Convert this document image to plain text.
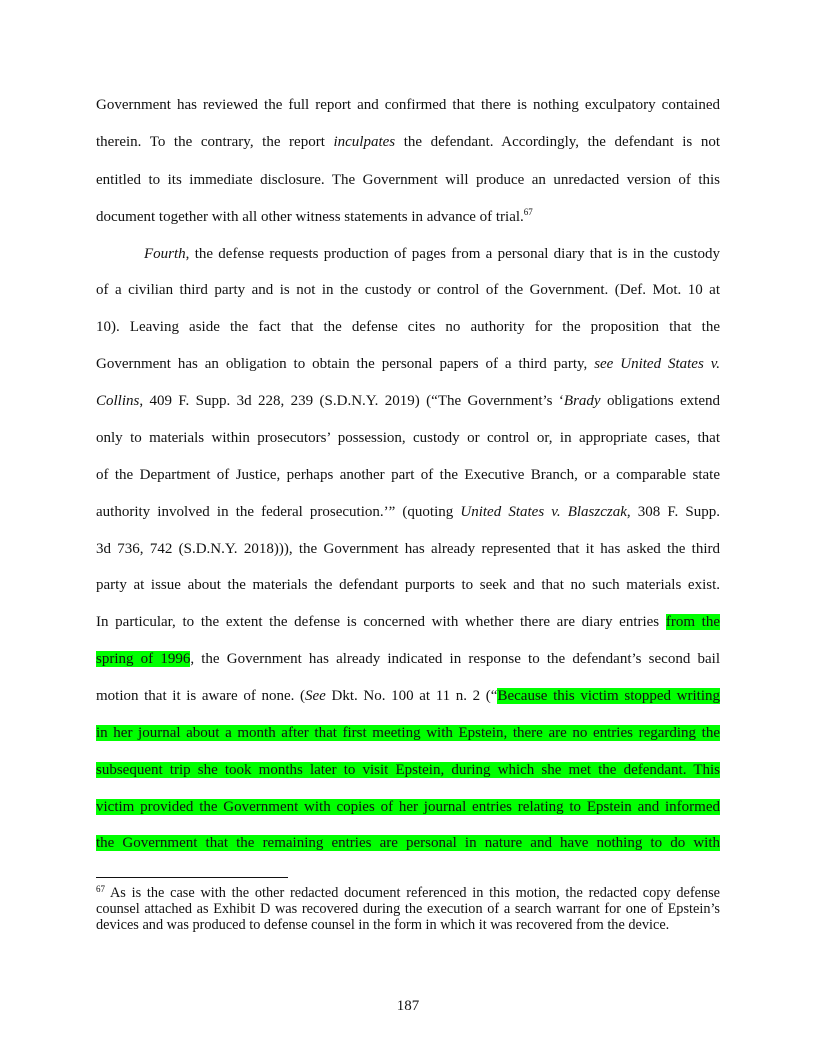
Government has reviewed the full report and confirmed that there is nothing exculpatory contained
therein. To the contrary, the report inculpates the defendant. Accordingly, the defendant is not
entitled to its immediate disclosure. The Government will produce an unredacted version of this
document together with all other witness statements in advance of trial.$^{67}$
Fourth, the defense requests production of pages from a personal diary that is in the custody
of a civilian third party and is not in the custody or control of the Government. (Def. Mot. 10 at
10). Leaving aside the fact that the defense cites no authority for the proposition that the
Government has an obligation to obtain the personal papers of a third party, see United States v.
Collins, 409 F. Supp. 3d 228, 239 (S.D.N.Y. 2019) (“The Government’s ‘Brady obligations extend
only to materials within prosecutors’ possession, custody or control or, in appropriate cases, that
of the Department of Justice, perhaps another part of the Executive Branch, or a comparable state
authority involved in the federal prosecution.’” (quoting United States v. Blaszczak, 308 F. Supp.
3d 736, 742 (S.D.N.Y. 2018))), the Government has already represented that it has asked the third
party at issue about the materials the defendant purports to seek and that no such materials exist.
In particular, to the extent the defense is concerned with whether there are diary entries from the
spring of 1996, the Government has already indicated in response to the defendant’s second bail
motion that it is aware of none. (See Dkt. No. 100 at 11 n. 2 (“Because this victim stopped writing
in her journal about a month after that first meeting with Epstein, there are no entries regarding the
subsequent trip she took months later to visit Epstein, during which she met the defendant. This
victim provided the Government with copies of her journal entries relating to Epstein and informed
the Government that the remaining entries are personal in nature and have nothing to do with
$^{67}$ As is the case with the other redacted document referenced in this motion, the redacted copy defense counsel attached as Exhibit D was recovered during the execution of a search warrant for one of Epstein’s devices and was produced to defense counsel in the form in which it was recovered from the device.
187
